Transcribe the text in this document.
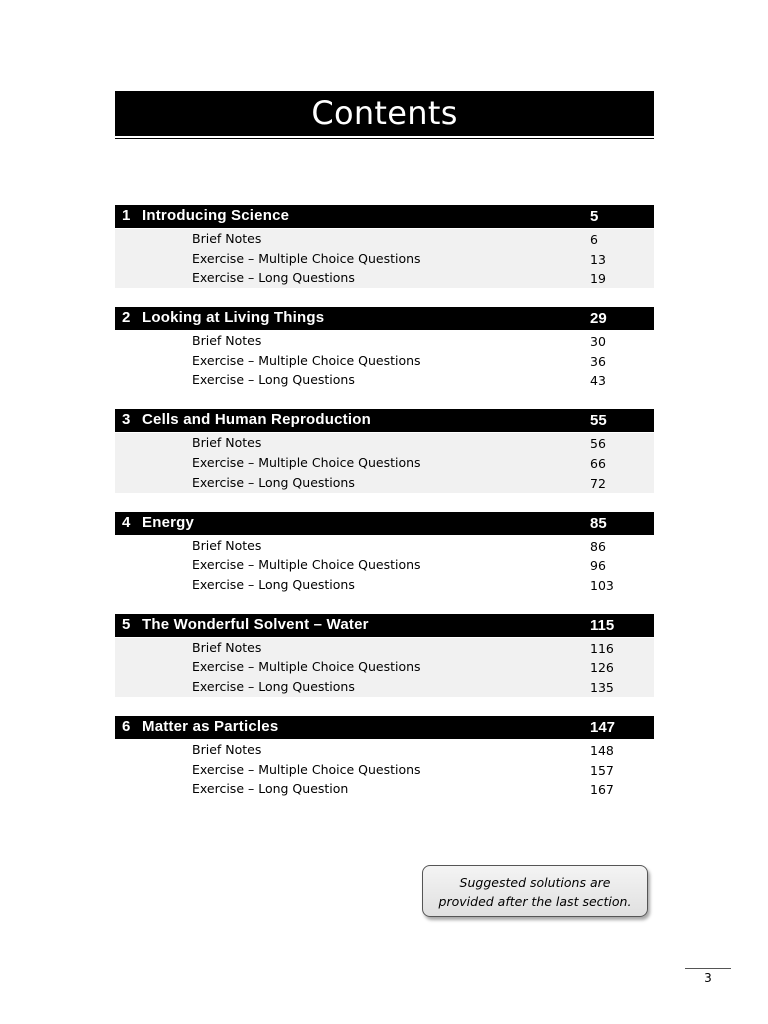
Contents
1 Introducing Science	5
Brief Notes	6
Exercise – Multiple Choice Questions	13
Exercise – Long Questions	19
2 Looking at Living Things	29
Brief Notes	30
Exercise – Multiple Choice Questions	36
Exercise – Long Questions	43
3 Cells and Human Reproduction	55
Brief Notes	56
Exercise – Multiple Choice Questions	66
Exercise – Long Questions	72
4 Energy	85
Brief Notes	86
Exercise – Multiple Choice Questions	96
Exercise – Long Questions	103
5 The Wonderful Solvent – Water	115
Brief Notes	116
Exercise – Multiple Choice Questions	126
Exercise – Long Questions	135
6 Matter as Particles	147
Brief Notes	148
Exercise – Multiple Choice Questions	157
Exercise – Long Question	167
Suggested solutions are
provided after the last section.
3
